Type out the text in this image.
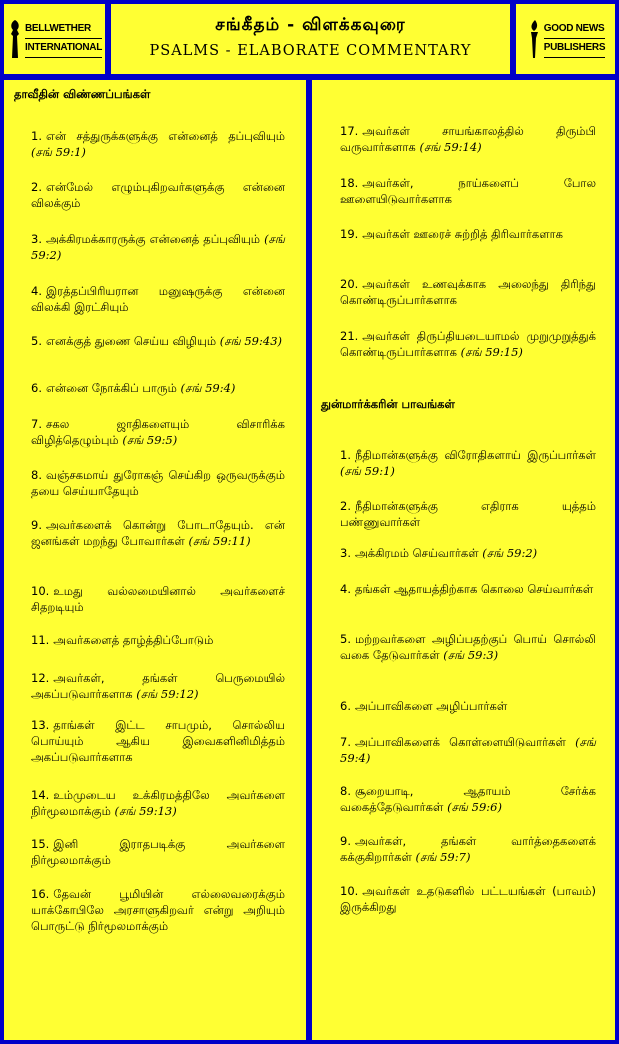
BELLWETHER
INTERNATIONAL
சங்கீதம் - விளக்கவுரை
PSALMS - ELABORATE COMMENTARY
GOOD NEWS
PUBLISHERS
தாவீதின் விண்ணப்பங்கள்
1. என் சத்துருக்களுக்கு என்னைத் தப்புவியும் (சங் 59:1)
2. என்மேல் எழும்புகிறவர்களுக்கு என்னை விலக்கும்
3. அக்கிரமக்காரருக்கு என்னைத் தப்புவியும் (சங் 59:2)
4. இரத்தப்பிரியரான மனுஷருக்கு என்னை விலக்கி இரட்சியும்
5. எனக்குத் துணை செய்ய விழியும் (சங் 59:43)
6. என்னை நோக்கிப் பாரும் (சங் 59:4)
7. சகல ஜாதிகளையும் விசாரிக்க விழித்தெழும்பும் (சங் 59:5)
8. வஞ்சகமாய் துரோகஞ் செய்கிற ஒருவருக்கும் தயை செய்யாதேயும்
9. அவர்களைக் கொன்று போடாதேயும். என் ஜனங்கள் மறந்து போவார்கள் (சங் 59:11)
10. உமது வல்லமையினால் அவர்களைச் சிதறடியும்
11. அவர்களைத் தாழ்த்திப்போடும்
12. அவர்கள், தங்கள் பெருமையில் அகப்படுவார்களாக (சங் 59:12)
13. தாங்கள் இட்ட சாபமும், சொல்லிய பொய்யும் ஆகிய இவைகளினிமித்தம் அகப்படுவார்களாக
14. உம்முடைய உக்கிரமத்திலே அவர்களை நிர்மூலமாக்கும் (சங் 59:13)
15. இனி இராதபடிக்கு அவர்களை நிர்மூலமாக்கும்
16. தேவன் பூமியின் எல்லைவரைக்கும் யாக்கோபிலே அரசாளுகிறவர் என்று அறியும் பொருட்டு நிர்மூலமாக்கும்
17. அவர்கள் சாயங்காலத்தில் திரும்பி வருவார்களாக (சங் 59:14)
18. அவர்கள், நாய்களைப் போல ஊளையிடுவார்களாக
19. அவர்கள் ஊரைச் சுற்றித் திரிவார்களாக
20. அவர்கள் உணவுக்காக அலைந்து திரிந்து கொண்டிருப்பார்களாக
21. அவர்கள் திருப்தியடையாமல் முறுமுறுத்துக் கொண்டிருப்பார்களாக (சங் 59:15)
துன்மார்க்கரின் பாவங்கள்
1. நீதிமான்களுக்கு விரோதிகளாய் இருப்பார்கள் (சங் 59:1)
2. நீதிமான்களுக்கு எதிராக யுத்தம் பண்ணுவார்கள்
3. அக்கிரமம் செய்வார்கள் (சங் 59:2)
4. தங்கள் ஆதாயத்திற்காக கொலை செய்வார்கள்
5. மற்றவர்களை அழிப்பதற்குப் பொய் சொல்லி வகை தேடுவார்கள் (சங் 59:3)
6. அப்பாவிகளை அழிப்பார்கள்
7. அப்பாவிகளைக் கொள்ளையிடுவார்கள் (சங் 59:4)
8. சூறையாடி, ஆதாயம் சேர்க்க வகைத்தேடுவார்கள் (சங் 59:6)
9. அவர்கள், தங்கள் வார்த்தைகளைக் கக்குகிறார்கள் (சங் 59:7)
10. அவர்கள் உதடுகளில் பட்டயங்கள் (பாவம்) இருக்கிறது
